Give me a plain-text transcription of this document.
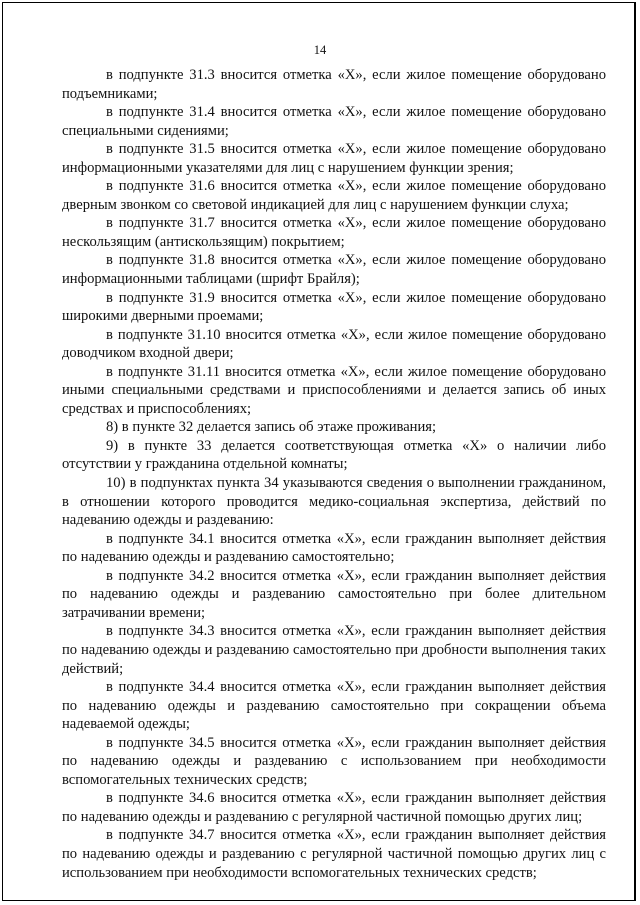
14

в подпункте 31.3 вносится отметка «X», если жилое помещение оборудовано подъемниками;

в подпункте 31.4 вносится отметка «X», если жилое помещение оборудовано специальными сидениями;

в подпункте 31.5 вносится отметка «X», если жилое помещение оборудовано информационными указателями для лиц с нарушением функции зрения;

в подпункте 31.6 вносится отметка «X», если жилое помещение оборудовано дверным звонком со световой индикацией для лиц с нарушением функции слуха;

в подпункте 31.7 вносится отметка «X», если жилое помещение оборудовано нескользящим (антискользящим) покрытием;

в подпункте 31.8 вносится отметка «X», если жилое помещение оборудовано информационными таблицами (шрифт Брайля);

в подпункте 31.9 вносится отметка «X», если жилое помещение оборудовано широкими дверными проемами;

в подпункте 31.10 вносится отметка «X», если жилое помещение оборудовано доводчиком входной двери;

в подпункте 31.11 вносится отметка «X», если жилое помещение оборудовано иными специальными средствами и приспособлениями и делается запись об иных средствах и приспособлениях;

8) в пункте 32 делается запись об этаже проживания;

9) в пункте 33 делается соответствующая отметка «X» о наличии либо отсутствии у гражданина отдельной комнаты;

10) в подпунктах пункта 34 указываются сведения о выполнении гражданином, в отношении которого проводится медико-социальная экспертиза, действий по надеванию одежды и раздеванию:

в подпункте 34.1 вносится отметка «X», если гражданин выполняет действия по надеванию одежды и раздеванию самостоятельно;

в подпункте 34.2 вносится отметка «X», если гражданин выполняет действия по надеванию одежды и раздеванию самостоятельно при более длительном затрачивании времени;

в подпункте 34.3 вносится отметка «X», если гражданин выполняет действия по надеванию одежды и раздеванию самостоятельно при дробности выполнения таких действий;

в подпункте 34.4 вносится отметка «X», если гражданин выполняет действия по надеванию одежды и раздеванию самостоятельно при сокращении объема надеваемой одежды;

в подпункте 34.5 вносится отметка «X», если гражданин выполняет действия по надеванию одежды и раздеванию с использованием при необходимости вспомогательных технических средств;

в подпункте 34.6 вносится отметка «X», если гражданин выполняет действия по надеванию одежды и раздеванию с регулярной частичной помощью других лиц;

в подпункте 34.7 вносится отметка «X», если гражданин выполняет действия по надеванию одежды и раздеванию с регулярной частичной помощью других лиц с использованием при необходимости вспомогательных технических средств;
